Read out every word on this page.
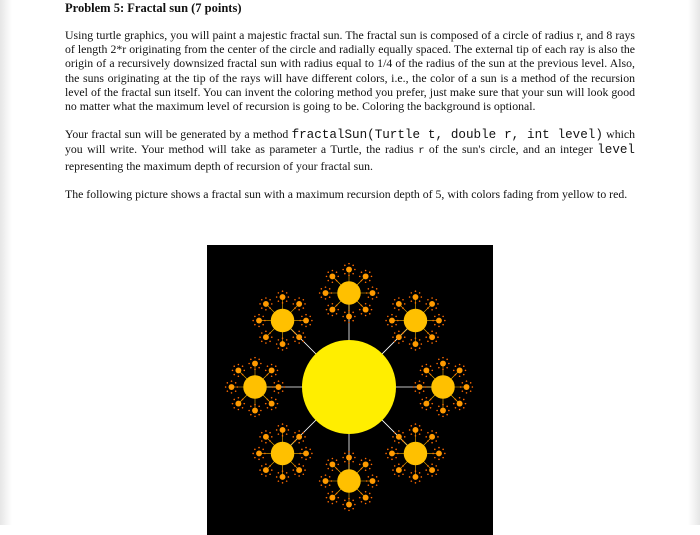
Problem 5: Fractal sun (7 points)

Using turtle graphics, you will paint a majestic fractal sun. The fractal sun is composed of a circle of radius r, and 8 rays of length 2*r originating from the center of the circle and radially equally spaced. The external tip of each ray is also the origin of a recursively downsized fractal sun with radius equal to 1/4 of the radius of the sun at the previous level. Also, the suns originating at the tip of the rays will have different colors, i.e., the color of a sun is a method of the recursion level of the fractal sun itself. You can invent the coloring method you prefer, just make sure that your sun will look good no matter what the maximum level of recursion is going to be. Coloring the background is optional.

Your fractal sun will be generated by a method fractalSun(Turtle t, double r, int level) which you will write. Your method will take as parameter a Turtle, the radius r of the sun's circle, and an integer level representing the maximum depth of recursion of your fractal sun.

The following picture shows a fractal sun with a maximum recursion depth of 5, with colors fading from yellow to red.
